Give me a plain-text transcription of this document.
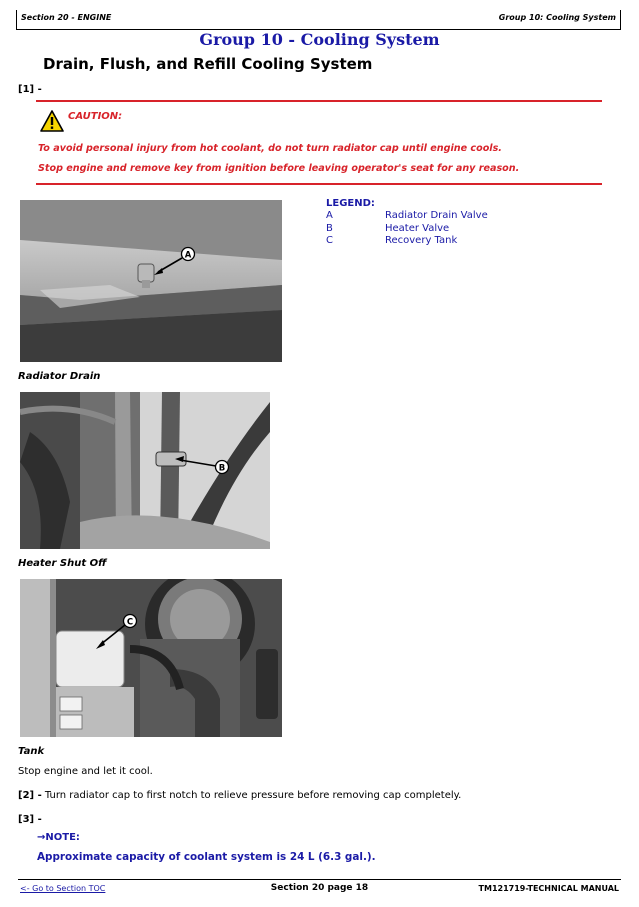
Section 20 - ENGINE	Group 10: Cooling System
Group 10 - Cooling System
Drain, Flush, and Refill Cooling System
[1] -
CAUTION:
To avoid personal injury from hot coolant, do not turn radiator cap until engine cools.
Stop engine and remove key from ignition before leaving operator's seat for any reason.
LEGEND:
A	Radiator Drain Valve
B	Heater Valve
C	Recovery Tank
A
Radiator Drain
B
Heater Shut Off
C
Tank
Stop engine and let it cool.
[2] - Turn radiator cap to first notch to relieve pressure before removing cap completely.
[3] -
→NOTE:
Approximate capacity of coolant system is 24 L (6.3 gal.).
<- Go to Section TOC	Section 20 page 18	TM121719-TECHNICAL MANUAL
